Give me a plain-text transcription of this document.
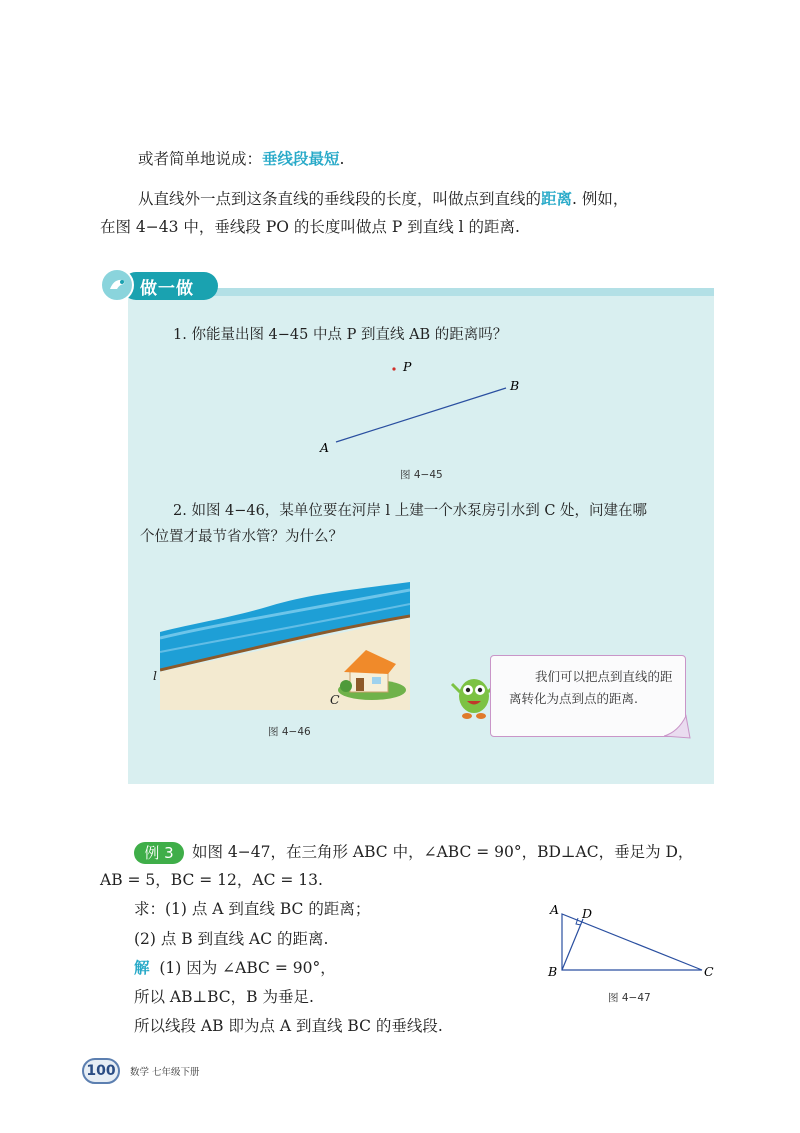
或者简单地说成：垂线段最短.
从直线外一点到这条直线的垂线段的长度，叫做点到直线的距离. 例如，
在图 4−43 中，垂线段 PO 的长度叫做点 P 到直线 l 的距离.
做一做
1. 你能量出图 4−45 中点 P 到直线 AB 的距离吗？
P
A
B
图 4−45
2. 如图 4−46，某单位要在河岸 l 上建一个水泵房引水到 C 处，问建在哪
个位置才最节省水管？为什么？
l
C
图 4−46
我们可以把点到直线的距
离转化为点到点的距离.
例 3	如图 4−47，在三角形 ABC 中，∠ABC = 90°，BD⊥AC，垂足为 D，
AB = 5，BC = 12，AC = 13.
求：(1) 点 A 到直线 BC 的距离；
(2) 点 B 到直线 AC 的距离.
解 (1) 因为 ∠ABC = 90°，
所以 AB⊥BC，B 为垂足.
所以线段 AB 即为点 A 到直线 BC 的垂线段.
A D
B	C
图 4−47
100	数学 七年级下册
